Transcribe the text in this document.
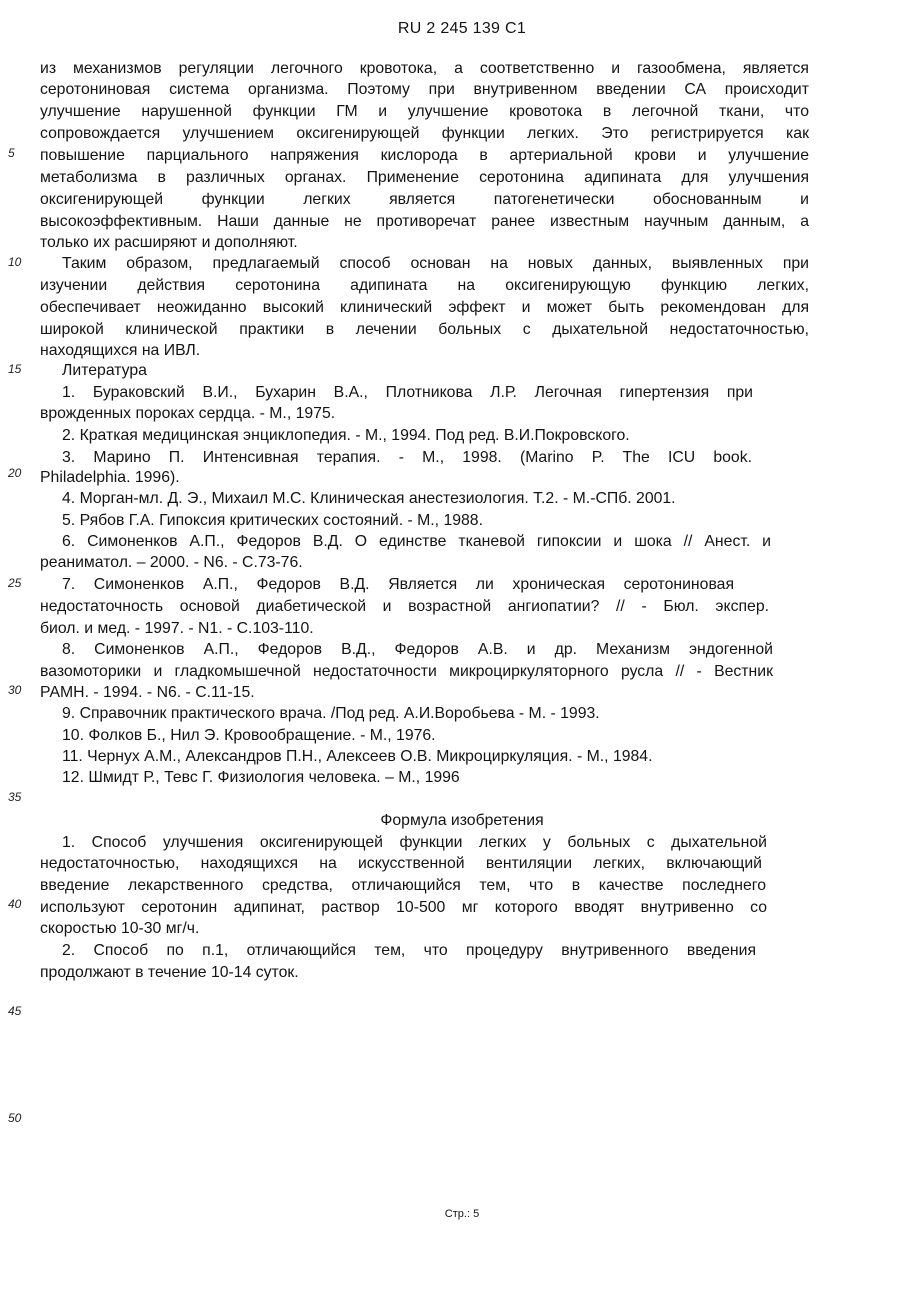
RU 2 245 139 C1
5
10
15
20
25
30
35
40
45
50
из механизмов регуляции легочного кровотока, а соответственно и газообмена, является
серотониновая система организма. Поэтому при внутривенном введении СА происходит
улучшение нарушенной функции ГМ и улучшение кровотока в легочной ткани, что
сопровождается улучшением оксигенирующей функции легких. Это регистрируется как
повышение парциального напряжения кислорода в артериальной крови и улучшение
метаболизма в различных органах. Применение серотонина адипината для улучшения
оксигенирующей функции легких является патогенетически обоснованным и
высокоэффективным. Наши данные не противоречат ранее известным научным данным, а
только их расширяют и дополняют.
Таким образом, предлагаемый способ основан на новых данных, выявленных при
изучении действия серотонина адипината на оксигенирующую функцию легких,
обеспечивает неожиданно высокий клинический эффект и может быть рекомендован для
широкой клинической практики в лечении больных с дыхательной недостаточностью,
находящихся на ИВЛ.
Литература
1. Бураковский В.И., Бухарин В.А., Плотникова Л.Р. Легочная гипертензия при
врожденных пороках сердца. - М., 1975.
2. Краткая медицинская энциклопедия. - М., 1994. Под ред. В.И.Покровского.
3. Марино П. Интенсивная терапия. - М., 1998. (Marino P. The ICU book.
Philadelphia. 1996).
4. Морган-мл. Д. Э., Михаил М.С. Клиническая анестезиология. Т.2. - М.-СПб. 2001.
5. Рябов Г.А. Гипоксия критических состояний. - М., 1988.
6. Симоненков А.П., Федоров В.Д. О единстве тканевой гипоксии и шока // Анест. и
реаниматол. – 2000. - N6. - С.73-76.
7. Симоненков А.П., Федоров В.Д. Является ли хроническая серотониновая
недостаточность основой диабетической и возрастной ангиопатии? // - Бюл. экспер.
биол. и мед. - 1997. - N1. - С.103-110.
8. Симоненков А.П., Федоров В.Д., Федоров А.В. и др. Механизм эндогенной
вазомоторики и гладкомышечной недостаточности микроциркуляторного русла // - Вестник
РАМН. - 1994. - N6. - С.11-15.
9. Справочник практического врача. /Под ред. А.И.Воробьева - М. - 1993.
10. Фолков Б., Нил Э. Кровообращение. - М., 1976.
11. Чернух А.М., Александров П.Н., Алексеев О.В. Микроциркуляция. - М., 1984.
12. Шмидт Р., Тевс Г. Физиология человека. – М., 1996
Формула изобретения
1. Способ улучшения оксигенирующей функции легких у больных с дыхательной
недостаточностью, находящихся на искусственной вентиляции легких, включающий
введение лекарственного средства, отличающийся тем, что в качестве последнего
используют серотонин адипинат, раствор 10-500 мг которого вводят внутривенно со
скоростью 10-30 мг/ч.
2. Способ по п.1, отличающийся тем, что процедуру внутривенного введения
продолжают в течение 10-14 суток.
Стр.: 5
